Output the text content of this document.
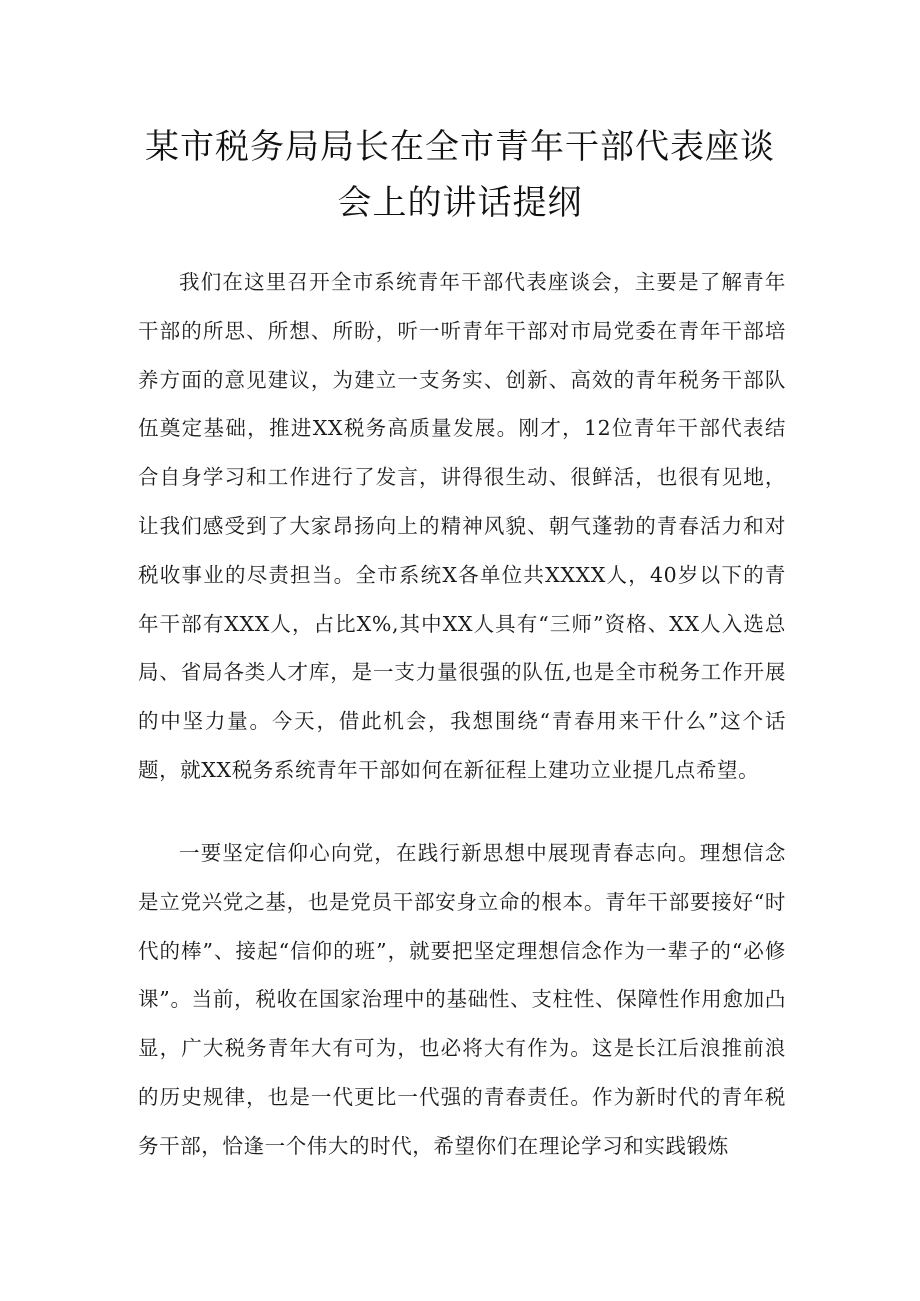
某市税务局局长在全市青年干部代表座谈
会上的讲话提纲

我们在这里召开全市系统青年干部代表座谈会，主要是了解青年干部的所思、所想、所盼，听一听青年干部对市局党委在青年干部培养方面的意见建议，为建立一支务实、创新、高效的青年税务干部队伍奠定基础，推进XX税务高质量发展。刚才，12位青年干部代表结合自身学习和工作进行了发言，讲得很生动、很鲜活，也很有见地，让我们感受到了大家昂扬向上的精神风貌、朝气蓬勃的青春活力和对税收事业的尽责担当。全市系统X各单位共XXXX人，40岁以下的青年干部有XXX人，占比X%,其中XX人具有“三师”资格、XX人入选总局、省局各类人才库，是一支力量很强的队伍,也是全市税务工作开展的中坚力量。今天，借此机会，我想围绕“青春用来干什么”这个话题，就XX税务系统青年干部如何在新征程上建功立业提几点希望。

一要坚定信仰心向党，在践行新思想中展现青春志向。理想信念是立党兴党之基，也是党员干部安身立命的根本。青年干部要接好“时代的棒”、接起“信仰的班”，就要把坚定理想信念作为一辈子的“必修课”。当前，税收在国家治理中的基础性、支柱性、保障性作用愈加凸显，广大税务青年大有可为，也必将大有作为。这是长江后浪推前浪的历史规律，也是一代更比一代强的青春责任。作为新时代的青年税务干部，恰逢一个伟大的时代，希望你们在理论学习和实践锻炼
